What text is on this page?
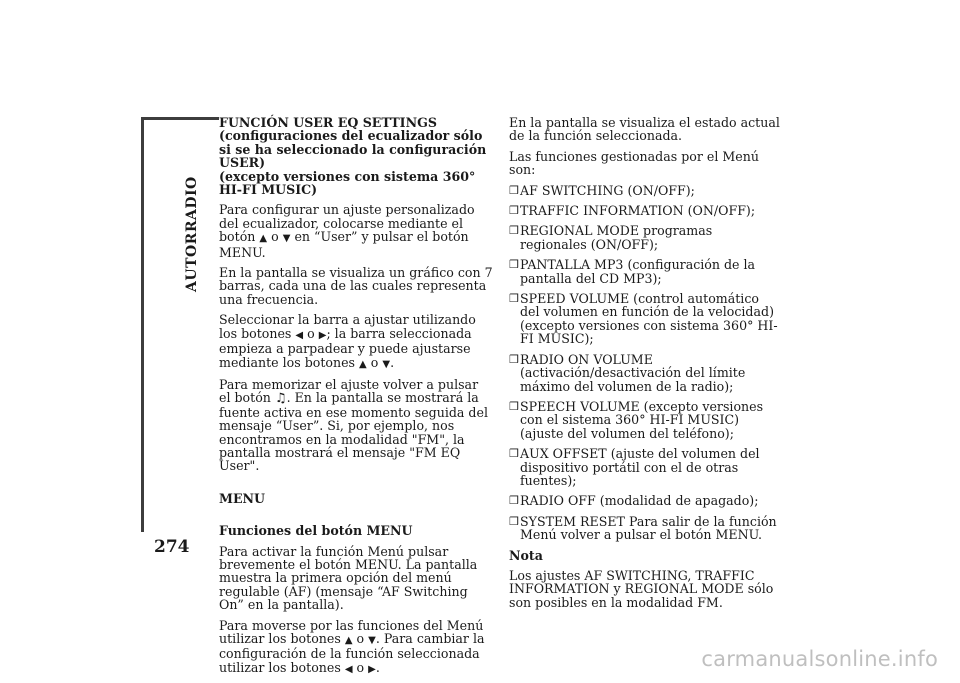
AUTORRADIO
274
FUNCIÓN USER EQ SETTINGS
(configuraciones del ecualizador sólo si se ha seleccionado la configuración USER)
(excepto versiones con sistema 360° HI-FI MUSIC)

Para configurar un ajuste personalizado del ecualizador, colocarse mediante el botón ▲ o ▼ en “User” y pulsar el botón MENU.

En la pantalla se visualiza un gráfico con 7 barras, cada una de las cuales representa una frecuencia.

Seleccionar la barra a ajustar utilizando los botones ◀ o ▶; la barra seleccionada empieza a parpadear y puede ajustarse mediante los botones ▲ o ▼.

Para memorizar el ajuste volver a pulsar el botón ♫. En la pantalla se mostrará la fuente activa en ese momento seguida del mensaje “User”. Si, por ejemplo, nos encontramos en la modalidad "FM", la pantalla mostrará el mensaje "FM EQ User".

MENU

Funciones del botón MENU

Para activar la función Menú pulsar brevemente el botón MENU. La pantalla muestra la primera opción del menú regulable (AF) (mensaje “AF Switching On” en la pantalla).

Para moverse por las funciones del Menú utilizar los botones ▲ o ▼. Para cambiar la configuración de la función seleccionada utilizar los botones ◀ o ▶.

En la pantalla se visualiza el estado actual de la función seleccionada.

Las funciones gestionadas por el Menú son:

❒ AF SWITCHING (ON/OFF);
❒ TRAFFIC INFORMATION (ON/OFF);
❒ REGIONAL MODE programas regionales (ON/OFF);
❒ PANTALLA MP3 (configuración de la pantalla del CD MP3);
❒ SPEED VOLUME (control automático del volumen en función de la velocidad) (excepto versiones con sistema 360° HI-FI MUSIC);
❒ RADIO ON VOLUME (activación/desactivación del límite máximo del volumen de la radio);
❒ SPEECH VOLUME (excepto versiones con el sistema 360° HI-FI MUSIC) (ajuste del volumen del teléfono);
❒ AUX OFFSET (ajuste del volumen del dispositivo portátil con el de otras fuentes);
❒ RADIO OFF (modalidad de apagado);
❒ SYSTEM RESET Para salir de la función Menú volver a pulsar el botón MENU.

Nota

Los ajustes AF SWITCHING, TRAFFIC INFORMATION y REGIONAL MODE sólo son posibles en la modalidad FM.

carmanualsonline.info
